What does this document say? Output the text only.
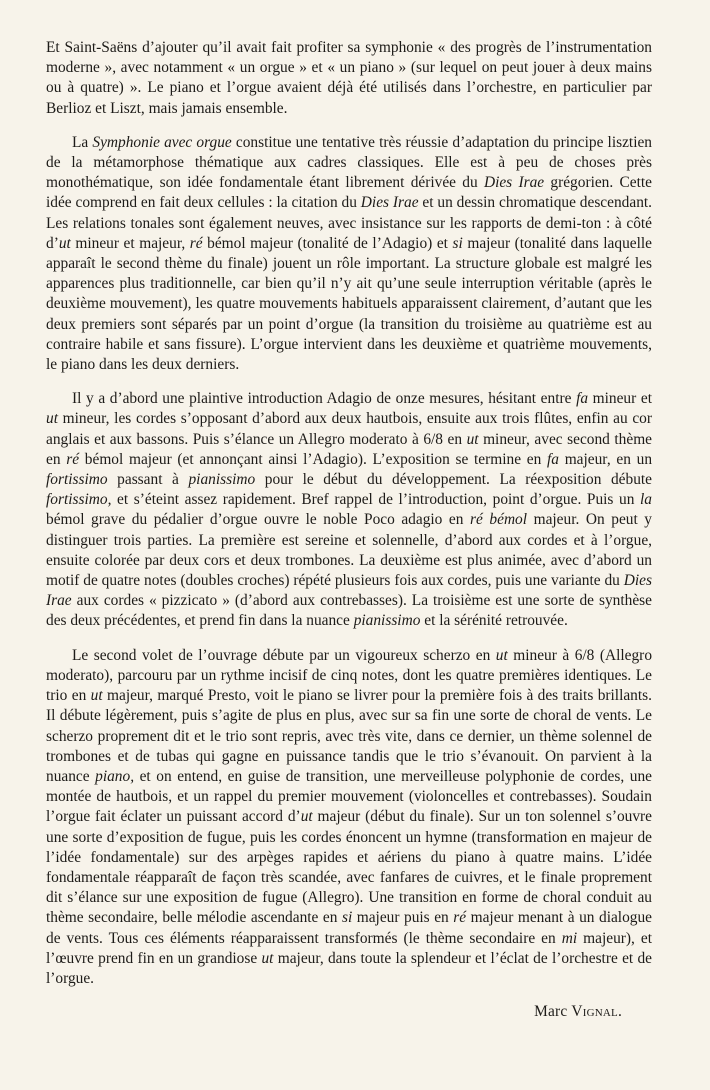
Et Saint-Saëns d’ajouter qu’il avait fait profiter sa symphonie « des progrès de l’instrumentation moderne », avec notamment « un orgue » et « un piano » (sur lequel on peut jouer à deux mains ou à quatre) ». Le piano et l’orgue avaient déjà été utilisés dans l’orchestre, en particulier par Berlioz et Liszt, mais jamais ensemble.

La Symphonie avec orgue constitue une tentative très réussie d’adaptation du principe lisztien de la métamorphose thématique aux cadres classiques. Elle est à peu de choses près monothématique, son idée fondamentale étant librement dérivée du Dies Irae grégorien. Cette idée comprend en fait deux cellules : la citation du Dies Irae et un dessin chromatique descendant. Les relations tonales sont également neuves, avec insistance sur les rapports de demi-ton : à côté d’ut mineur et majeur, ré bémol majeur (tonalité de l’Adagio) et si majeur (tonalité dans laquelle apparaît le second thème du finale) jouent un rôle important. La structure globale est malgré les apparences plus traditionnelle, car bien qu’il n’y ait qu’une seule interruption véritable (après le deuxième mouvement), les quatre mouvements habituels apparaissent clairement, d’autant que les deux premiers sont séparés par un point d’orgue (la transition du troisième au quatrième est au contraire habile et sans fissure). L’orgue intervient dans les deuxième et quatrième mouvements, le piano dans les deux derniers.

Il y a d’abord une plaintive introduction Adagio de onze mesures, hésitant entre fa mineur et ut mineur, les cordes s’opposant d’abord aux deux hautbois, ensuite aux trois flûtes, enfin au cor anglais et aux bassons. Puis s’élance un Allegro moderato à 6/8 en ut mineur, avec second thème en ré bémol majeur (et annonçant ainsi l’Adagio). L’exposition se termine en fa majeur, en un fortissimo passant à pianissimo pour le début du développement. La réexposition débute fortissimo, et s’éteint assez rapidement. Bref rappel de l’introduction, point d’orgue. Puis un la bémol grave du pédalier d’orgue ouvre le noble Poco adagio en ré bémol majeur. On peut y distinguer trois parties. La première est sereine et solennelle, d’abord aux cordes et à l’orgue, ensuite colorée par deux cors et deux trombones. La deuxième est plus animée, avec d’abord un motif de quatre notes (doubles croches) répété plusieurs fois aux cordes, puis une variante du Dies Irae aux cordes « pizzicato » (d’abord aux contrebasses). La troisième est une sorte de synthèse des deux précédentes, et prend fin dans la nuance pianissimo et la sérénité retrouvée.

Le second volet de l’ouvrage débute par un vigoureux scherzo en ut mineur à 6/8 (Allegro moderato), parcouru par un rythme incisif de cinq notes, dont les quatre premières identiques. Le trio en ut majeur, marqué Presto, voit le piano se livrer pour la première fois à des traits brillants. Il débute légèrement, puis s’agite de plus en plus, avec sur sa fin une sorte de choral de vents. Le scherzo proprement dit et le trio sont repris, avec très vite, dans ce dernier, un thème solennel de trombones et de tubas qui gagne en puissance tandis que le trio s’évanouit. On parvient à la nuance piano, et on entend, en guise de transition, une merveilleuse polyphonie de cordes, une montée de hautbois, et un rappel du premier mouvement (violoncelles et contrebasses). Soudain l’orgue fait éclater un puissant accord d’ut majeur (début du finale). Sur un ton solennel s’ouvre une sorte d’exposition de fugue, puis les cordes énoncent un hymne (transformation en majeur de l’idée fondamentale) sur des arpèges rapides et aériens du piano à quatre mains. L’idée fondamentale réapparaît de façon très scandée, avec fanfares de cuivres, et le finale proprement dit s’élance sur une exposition de fugue (Allegro). Une transition en forme de choral conduit au thème secondaire, belle mélodie ascendante en si majeur puis en ré majeur menant à un dialogue de vents. Tous ces éléments réapparaissent transformés (le thème secondaire en mi majeur), et l’œuvre prend fin en un grandiose ut majeur, dans toute la splendeur et l’éclat de l’orchestre et de l’orgue.

Marc Vignal.
